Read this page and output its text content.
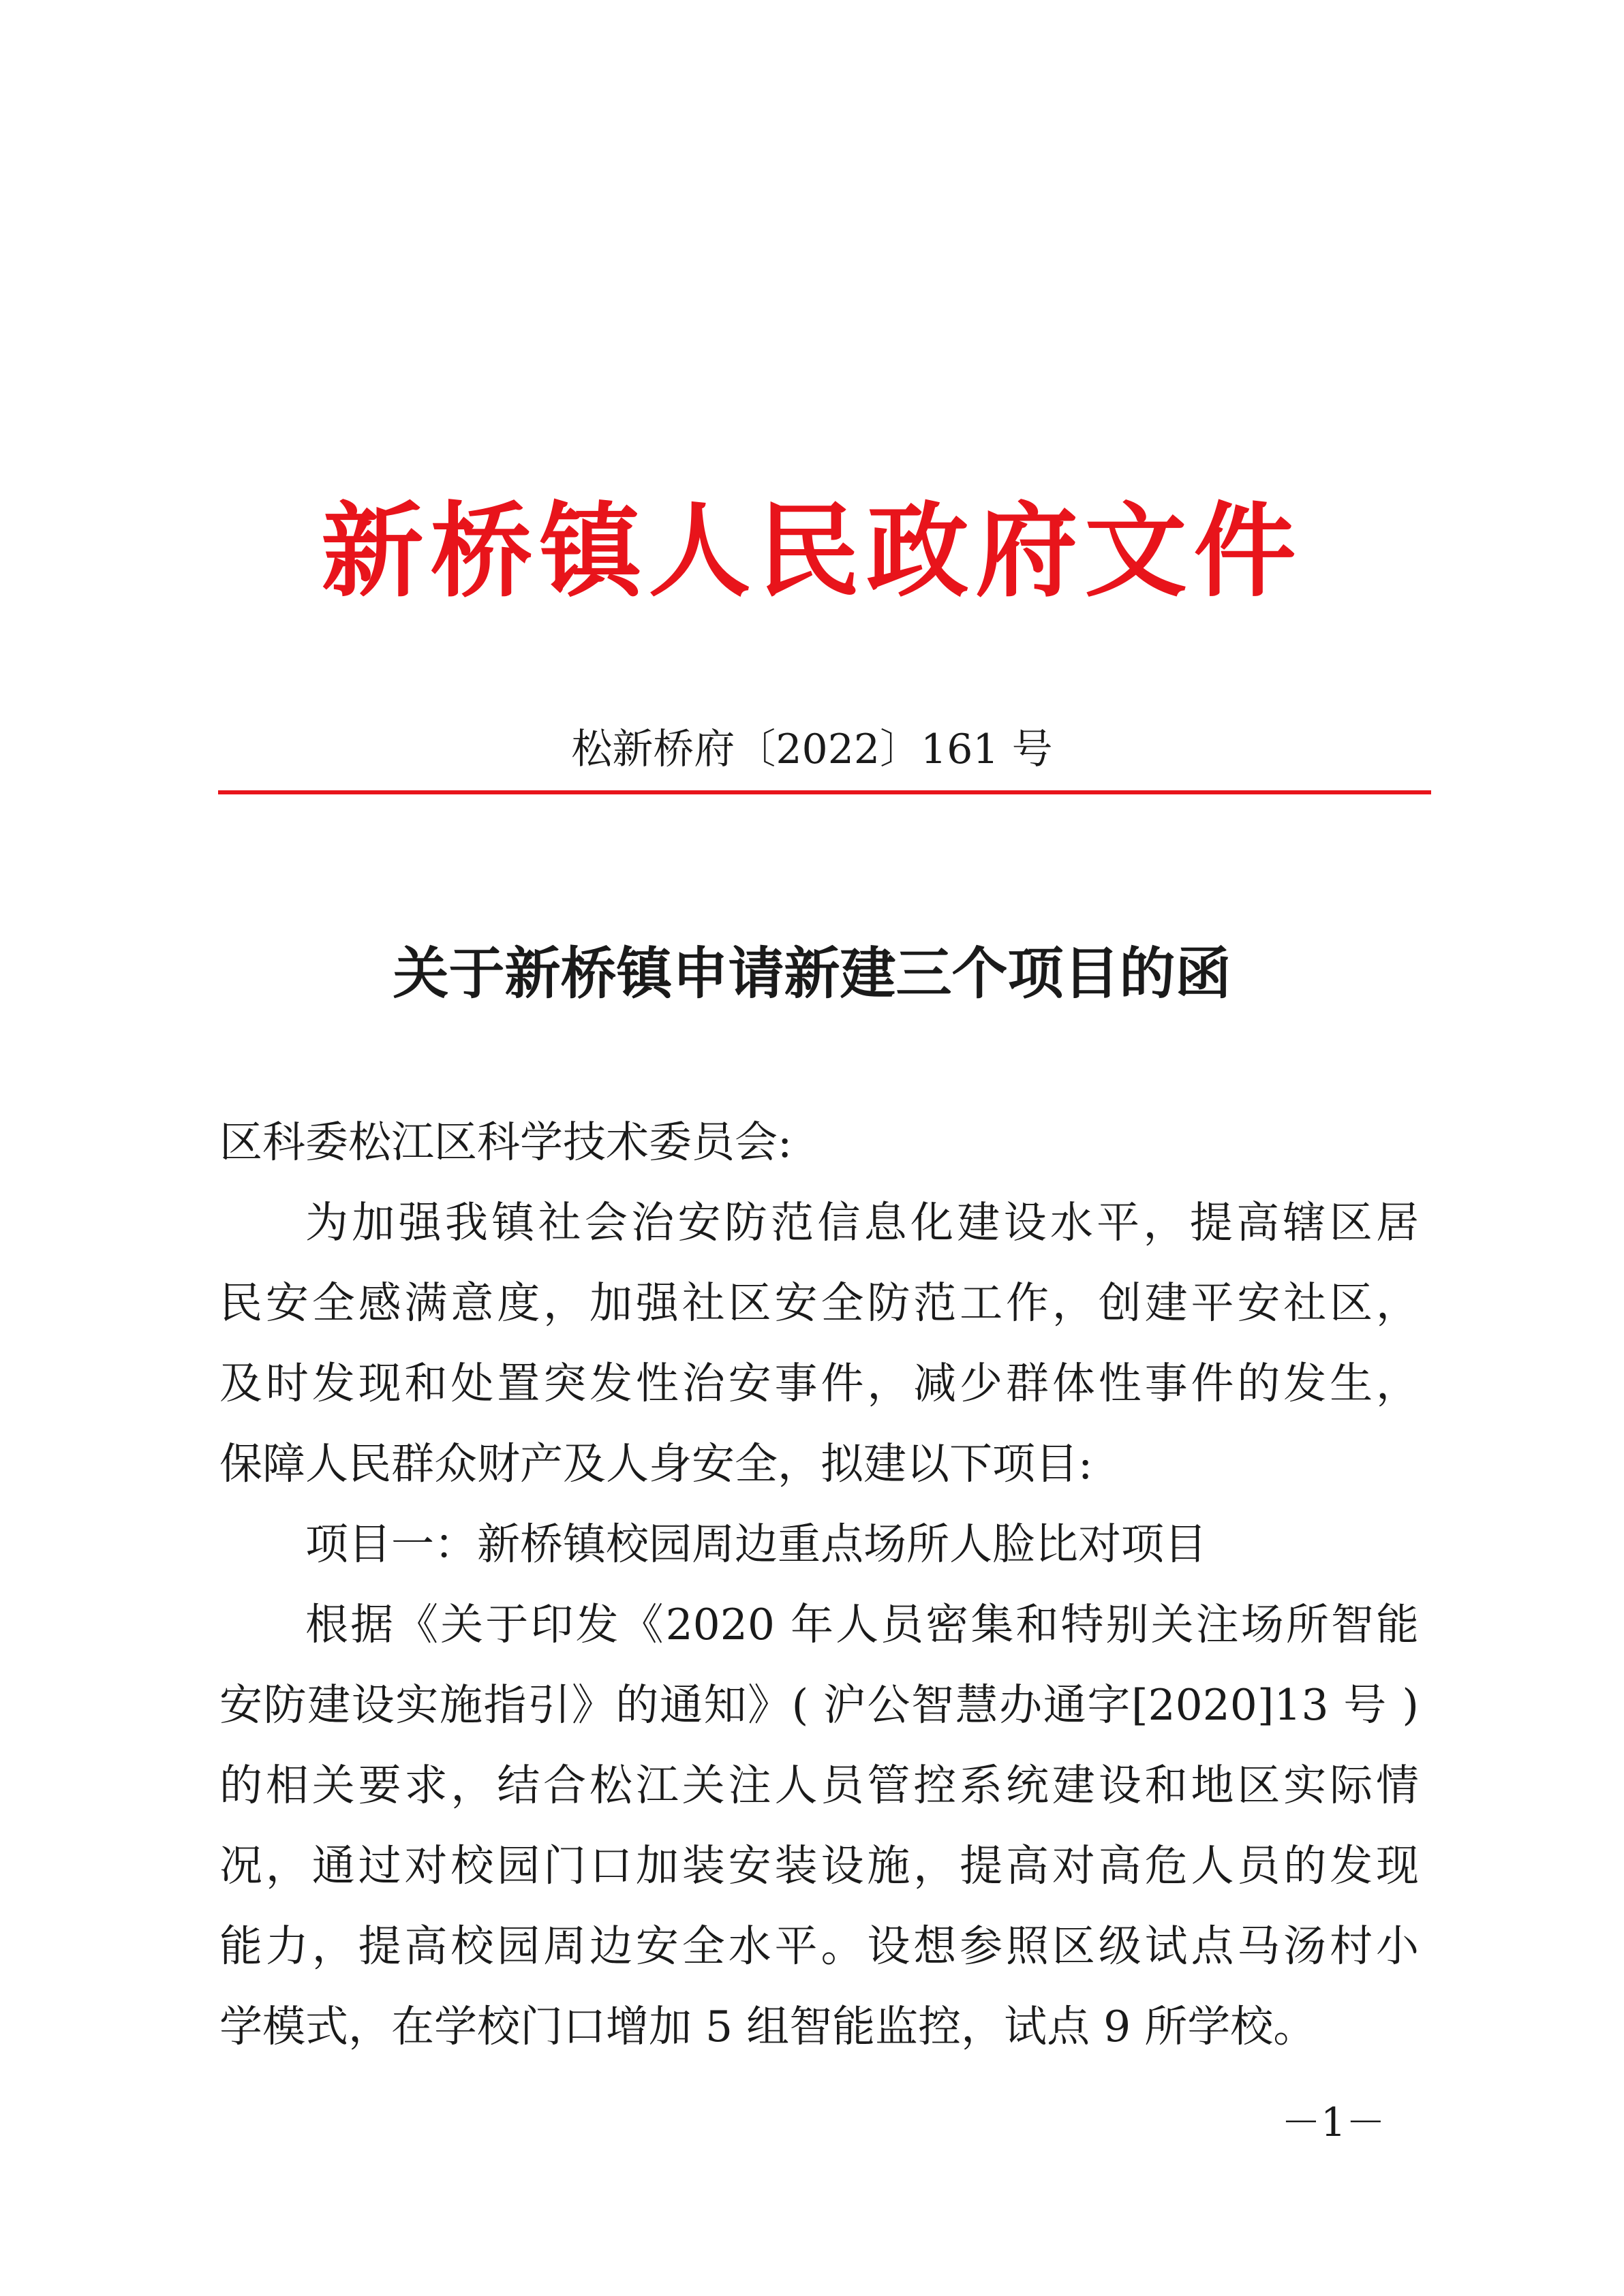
新桥镇人民政府文件
松新桥府〔2022〕161 号
关于新桥镇申请新建三个项目的函
区科委松江区科学技术委员会:
为加强我镇社会治安防范信息化建设水平，提高辖区居
民安全感满意度，加强社区安全防范工作，创建平安社区，
及时发现和处置突发性治安事件，减少群体性事件的发生，
保障人民群众财产及人身安全，拟建以下项目:
项目一：新桥镇校园周边重点场所人脸比对项目
根据《关于印发《2020 年人员密集和特别关注场所智能
安防建设实施指引》的通知》( 沪公智慧办通字[2020]13 号 )
的相关要求，结合松江关注人员管控系统建设和地区实际情
况，通过对校园门口加装安装设施，提高对高危人员的发现
能力，提高校园周边安全水平。设想参照区级试点马汤村小
学模式，在学校门口增加 5 组智能监控，试点 9 所学校。
－1－
